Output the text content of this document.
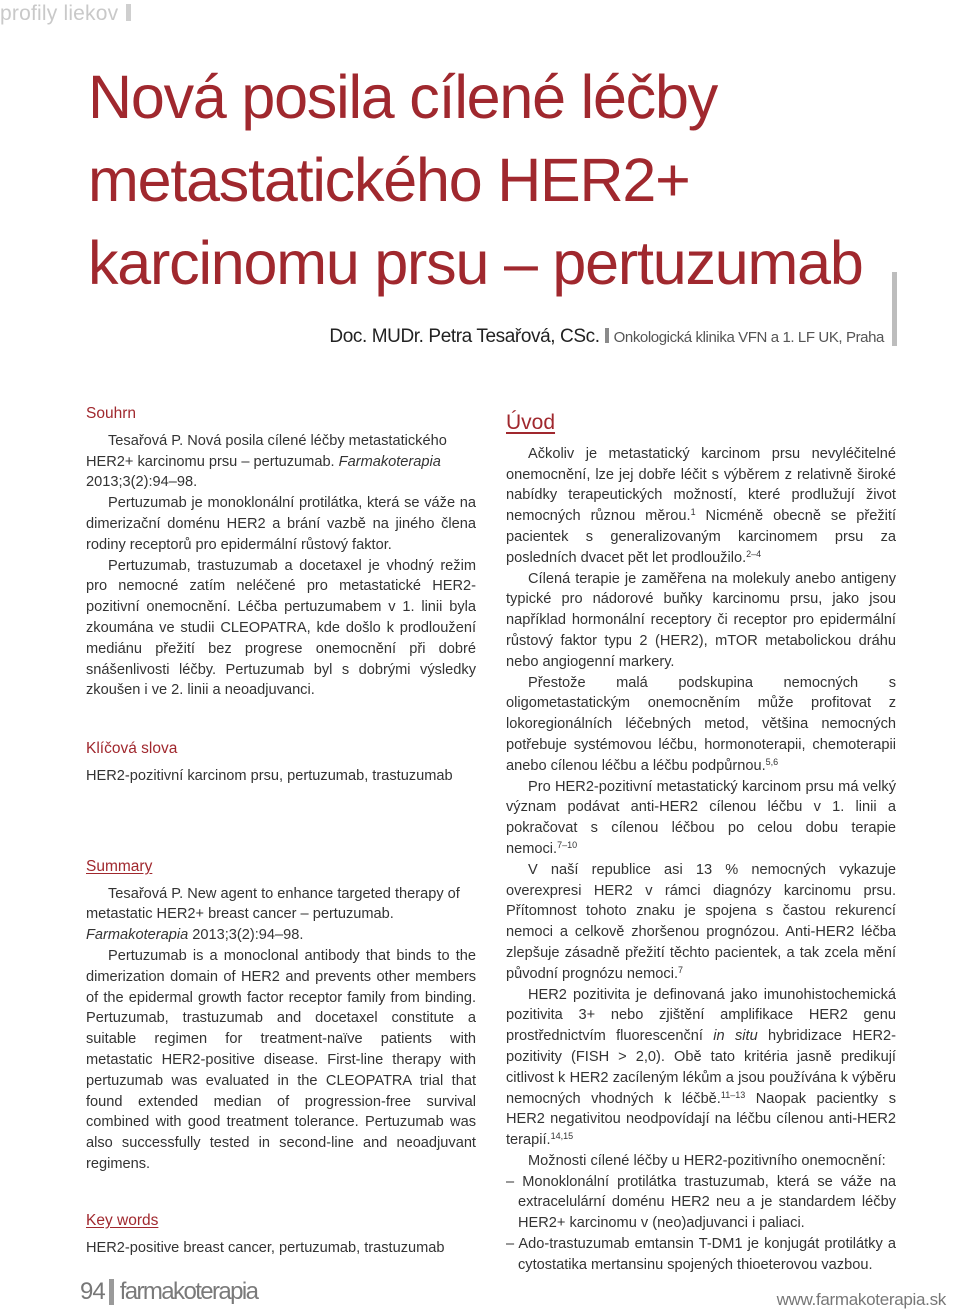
profily liekov
Nová posila cílené léčby metastatického HER2+ karcinomu prsu – pertuzumab
Doc. MUDr. Petra Tesařová, CSc. Onkologická klinika VFN a 1. LF UK, Praha
Souhrn

Tesařová P. Nová posila cílené léčby metastatického HER2+ karcinomu prsu – pertuzumab. Farmakoterapia 2013;3(2):94–98.

Pertuzumab je monoklonální protilátka, která se váže na dimerizační doménu HER2 a brání vazbě na jiného člena rodiny receptorů pro epidermální růstový faktor.

Pertuzumab, trastuzumab a docetaxel je vhodný režim pro nemocné zatím neléčené pro metastatické HER2-pozitivní onemocnění. Léčba pertuzumabem v 1. linii byla zkoumána ve studii CLEOPATRA, kde došlo k prodloužení mediánu přežití bez progrese onemocnění při dobré snášenlivosti léčby. Pertuzumab byl s dobrými výsledky zkoušen i ve 2. linii a neoadjuvanci.

Klíčová slova

HER2-pozitivní karcinom prsu, pertuzumab, trastuzumab

Summary

Tesařová P. New agent to enhance targeted therapy of metastatic HER2+ breast cancer – pertuzumab. Farmakoterapia 2013;3(2):94–98.

Pertuzumab is a monoclonal antibody that binds to the dimerization domain of HER2 and prevents other members of the epidermal growth factor receptor family from binding. Pertuzumab, trastuzumab and docetaxel constitute a suitable regimen for treatment-naïve patients with metastatic HER2-positive disease. First-line therapy with pertuzumab was evaluated in the CLEOPATRA trial that found extended median of progression-free survival combined with good treatment tolerance. Pertuzumab was also successfully tested in second-line and neoadjuvant regimens.

Key words

HER2-positive breast cancer, pertuzumab, trastuzumab

Úvod

Ačkoliv je metastatický karcinom prsu nevyléčitelné onemocnění, lze jej dobře léčit s výběrem z relativně široké nabídky terapeutických možností, které prodlužují život nemocných různou měrou.$^1$ Nicméně obecně se přežití pacientek s generalizovaným karcinomem prsu za posledních dvacet pět let prodloužilo.$^{2-4}$

Cílená terapie je zaměřena na molekuly anebo antigeny typické pro nádorové buňky karcinomu prsu, jako jsou například hormonální receptory či receptor pro epidermální růstový faktor typu 2 (HER2), mTOR metabolickou dráhu nebo angiogenní markery.

Přestože malá podskupina nemocných s oligometastatickým onemocněním může profitovat z lokoregionálních léčebných metod, většina nemocných potřebuje systémovou léčbu, hormonoterapii, chemoterapii anebo cílenou léčbu a léčbu podpůrnou.$^{5,6}$

Pro HER2-pozitivní metastatický karcinom prsu má velký význam podávat anti-HER2 cílenou léčbu v 1. linii a pokračovat s cílenou léčbou po celou dobu terapie nemoci.$^{7-10}$

V naší republice asi 13 % nemocných vykazuje overexpresi HER2 v rámci diagnózy karcinomu prsu. Přítomnost tohoto znaku je spojena s častou rekurencí nemoci a celkově zhoršenou prognózou. Anti-HER2 léčba zlepšuje zásadně přežití těchto pacientek, a tak zcela mění původní prognózu nemoci.$^7$

HER2 pozitivita je definovaná jako imunohistochemická pozitivita 3+ nebo zjištění amplifikace HER2 genu prostřednictvím fluorescenční in situ hybridizace HER2-pozitivity (FISH > 2,0). Obě tato kritéria jasně predikují citlivost k HER2 zacíleným lékům a jsou používána k výběru nemocných vhodných k léčbě.$^{11-13}$ Naopak pacientky s HER2 negativitou neodpovídají na léčbu cílenou anti-HER2 terapií.$^{14,15}$

Možnosti cílené léčby u HER2-pozitivního onemocnění:

– Monoklonální protilátka trastuzumab, která se váže na extracelulární doménu HER2 neu a je standardem léčby HER2+ karcinomu v (neo)adjuvanci i paliaci.
– Ado-trastuzumab emtansin T-DM1 je konjugát protilátky a cytostatika mertansinu spojených thioeterovou vazbou.
94 farmakoterapia	www.farmakoterapia.sk
